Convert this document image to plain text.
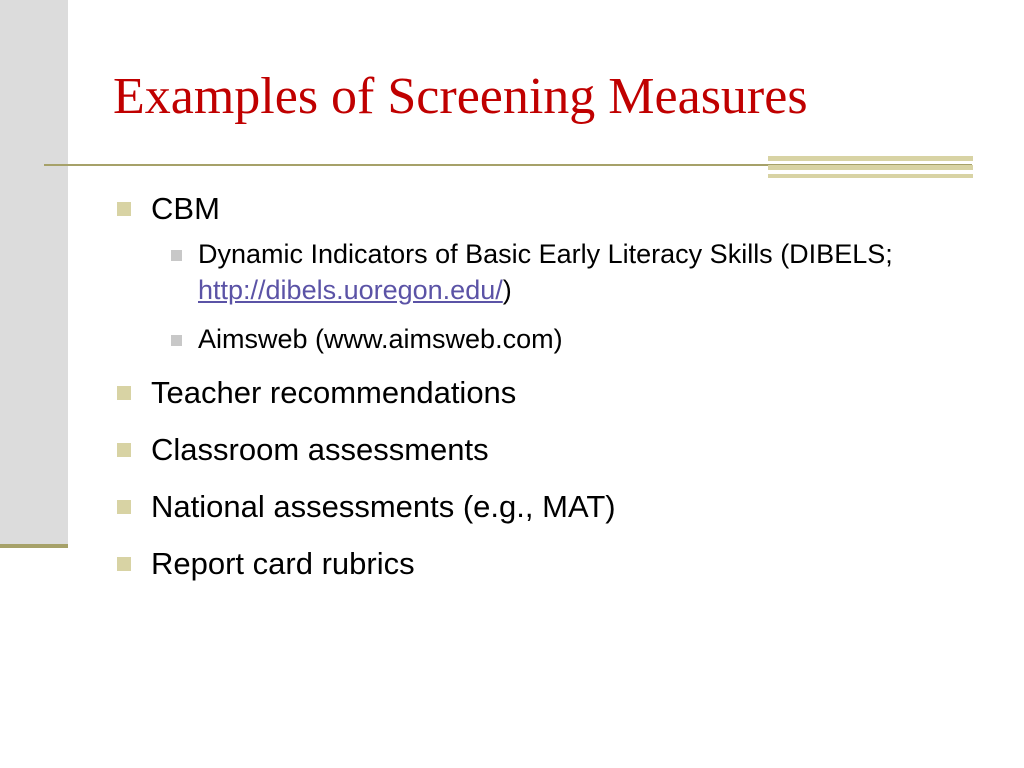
Examples of Screening Measures
CBM
Dynamic Indicators of Basic Early Literacy Skills (DIBELS; http://dibels.uoregon.edu/)
Aimsweb (www.aimsweb.com)
Teacher recommendations
Classroom assessments
National assessments (e.g., MAT)
Report card rubrics
